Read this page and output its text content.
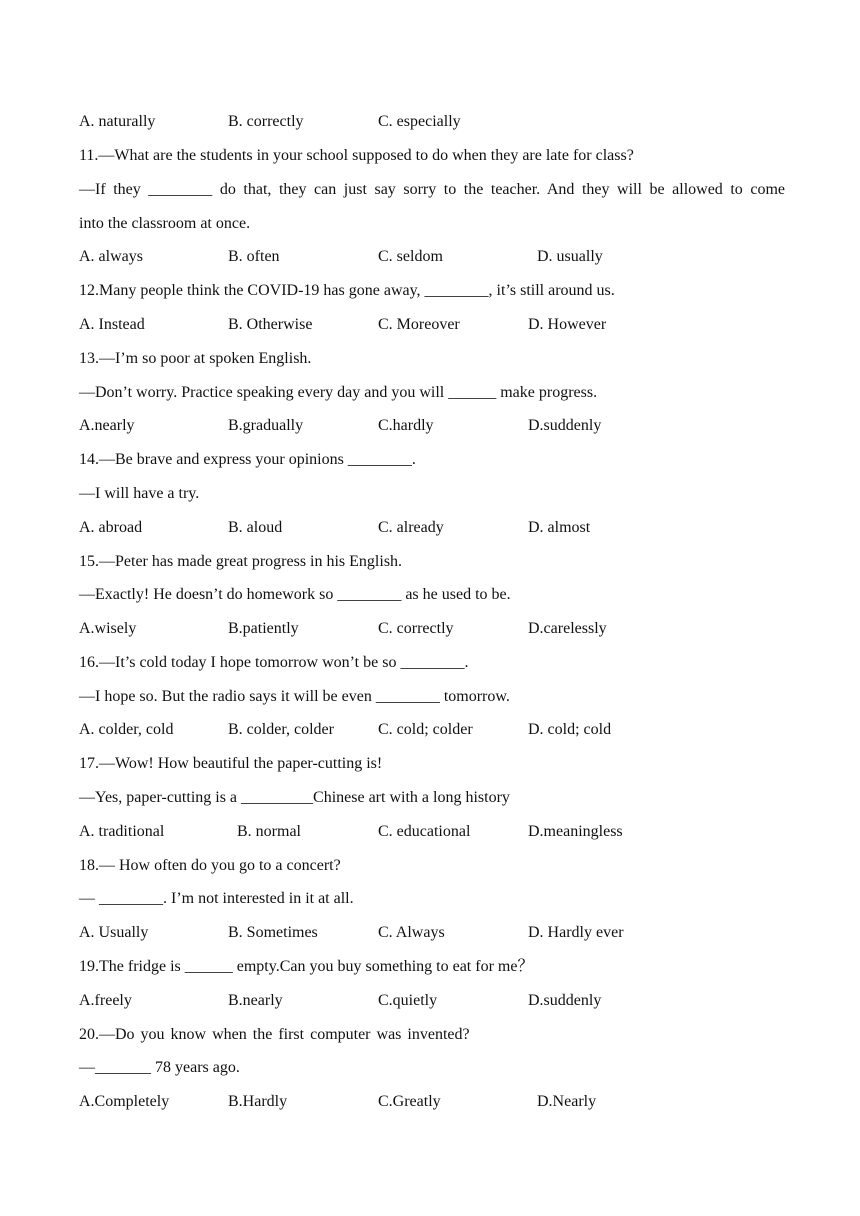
A. naturally	B. correctly	C. especially
11.—What are the students in your school supposed to do when they are late for class?
—If they ________ do that, they can just say sorry to the teacher. And they will be allowed to come
into the classroom at once.
A. always	B. often	C. seldom	D. usually
12.Many people think the COVID-19 has gone away, ________, it’s still around us.
A. Instead	B. Otherwise	C. Moreover	D. However
13.—I’m so poor at spoken English.
—Don’t worry. Practice speaking every day and you will ______ make progress.
A.nearly	B.gradually	C.hardly	D.suddenly
14.—Be brave and express your opinions ________.
—I will have a try.
A. abroad	B. aloud	C. already	D. almost
15.—Peter has made great progress in his English.
—Exactly! He doesn’t do homework so ________ as he used to be.
A.wisely	B.patiently	C. correctly	D.carelessly
16.—It’s cold today I hope tomorrow won’t be so ________.
—I hope so. But the radio says it will be even ________ tomorrow.
A. colder, cold	B. colder, colder	C. cold; colder	D. cold; cold
17.—Wow! How beautiful the paper-cutting is!
—Yes, paper-cutting is a _________Chinese art with a long history
A. traditional	B. normal	C. educational	D.meaningless
18.— How often do you go to a concert?
— ________. I’m not interested in it at all.
A. Usually	B. Sometimes	C. Always	D. Hardly ever
19.The fridge is ______ empty.Can you buy something to eat for me？
A.freely	B.nearly	C.quietly	D.suddenly
20.—Do you know when the first computer was invented?
—_______ 78 years ago.
A.Completely	B.Hardly	C.Greatly	D.Nearly
